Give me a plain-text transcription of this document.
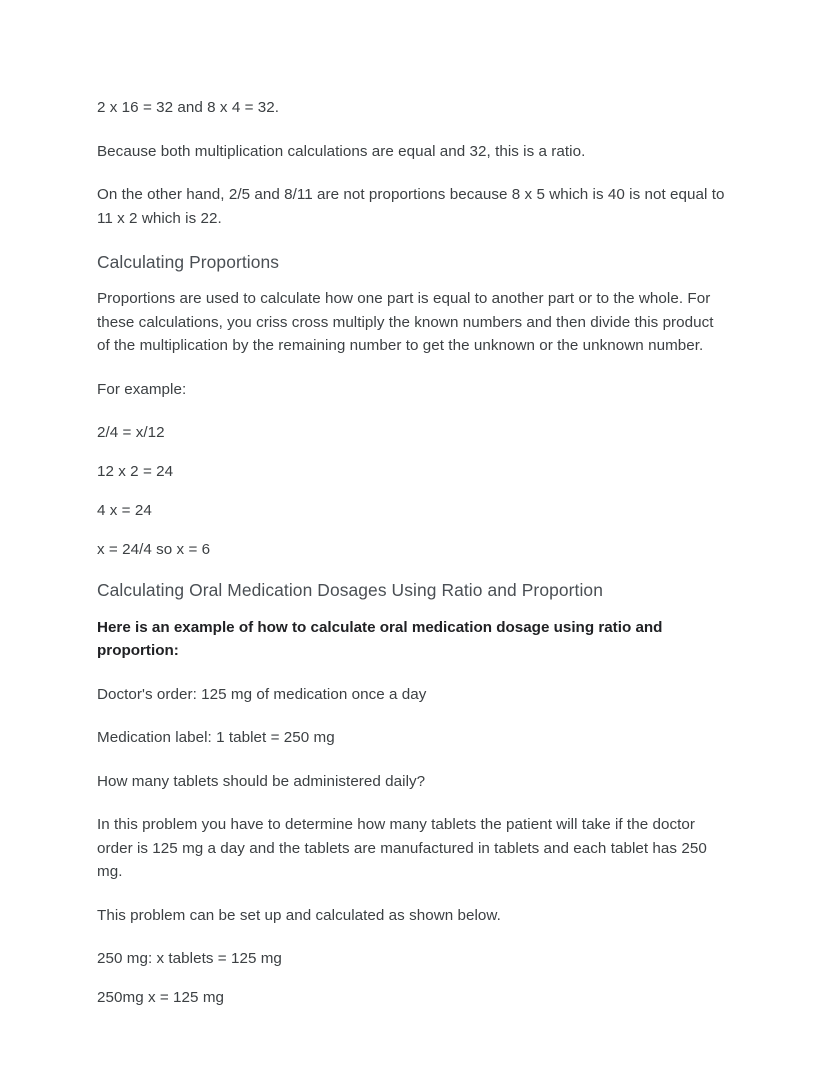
2 x 16 = 32 and 8 x 4 = 32.

Because both multiplication calculations are equal and 32, this is a ratio.

On the other hand, 2/5 and 8/11 are not proportions because 8 x 5 which is 40 is not equal to 11 x 2 which is 22.

Calculating Proportions

Proportions are used to calculate how one part is equal to another part or to the whole. For these calculations, you criss cross multiply the known numbers and then divide this product of the multiplication by the remaining number to get the unknown or the unknown number.

For example:

2/4 = x/12

12 x 2 = 24

4 x = 24

x = 24/4 so x = 6

Calculating Oral Medication Dosages Using Ratio and Proportion

Here is an example of how to calculate oral medication dosage using ratio and proportion:

Doctor's order: 125 mg of medication once a day

Medication label: 1 tablet = 250 mg

How many tablets should be administered daily?

In this problem you have to determine how many tablets the patient will take if the doctor order is 125 mg a day and the tablets are manufactured in tablets and each tablet has 250 mg.

This problem can be set up and calculated as shown below.

250 mg: x tablets = 125 mg

250mg x = 125 mg
